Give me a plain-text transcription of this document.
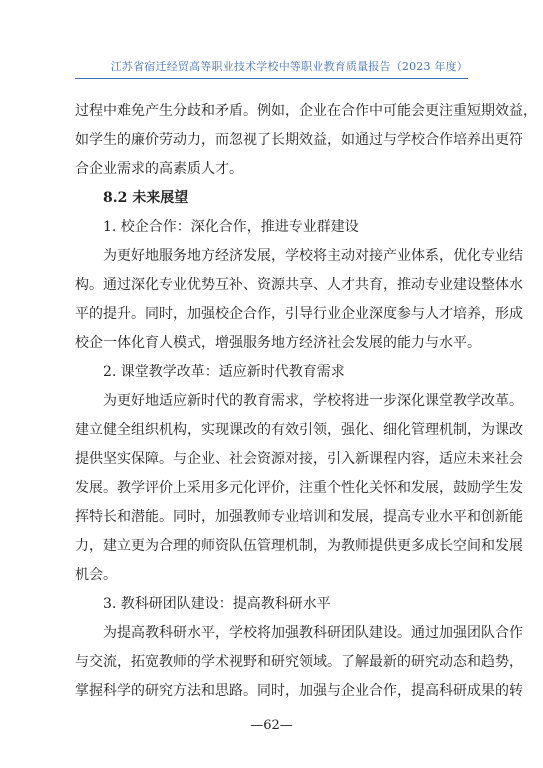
江苏省宿迁经贸高等职业技术学校中等职业教育质量报告（2023 年度）
过程中难免产生分歧和矛盾。例如，企业在合作中可能会更注重短期效益，
如学生的廉价劳动力，而忽视了长期效益，如通过与学校合作培养出更符
合企业需求的高素质人才。
8.2 未来展望
1. 校企合作：深化合作，推进专业群建设
为更好地服务地方经济发展，学校将主动对接产业体系，优化专业结
构。通过深化专业优势互补、资源共享、人才共育，推动专业建设整体水
平的提升。同时，加强校企合作，引导行业企业深度参与人才培养，形成
校企一体化育人模式，增强服务地方经济社会发展的能力与水平。
2. 课堂教学改革：适应新时代教育需求
为更好地适应新时代的教育需求，学校将进一步深化课堂教学改革。
建立健全组织机构，实现课改的有效引领，强化、细化管理机制，为课改
提供坚实保障。与企业、社会资源对接，引入新课程内容，适应未来社会
发展。教学评价上采用多元化评价，注重个性化关怀和发展，鼓励学生发
挥特长和潜能。同时，加强教师专业培训和发展，提高专业水平和创新能
力，建立更为合理的师资队伍管理机制，为教师提供更多成长空间和发展
机会。
3. 教科研团队建设：提高教科研水平
为提高教科研水平，学校将加强教科研团队建设。通过加强团队合作
与交流，拓宽教师的学术视野和研究领域。了解最新的研究动态和趋势，
掌握科学的研究方法和思路。同时，加强与企业合作，提高科研成果的转
—62—
